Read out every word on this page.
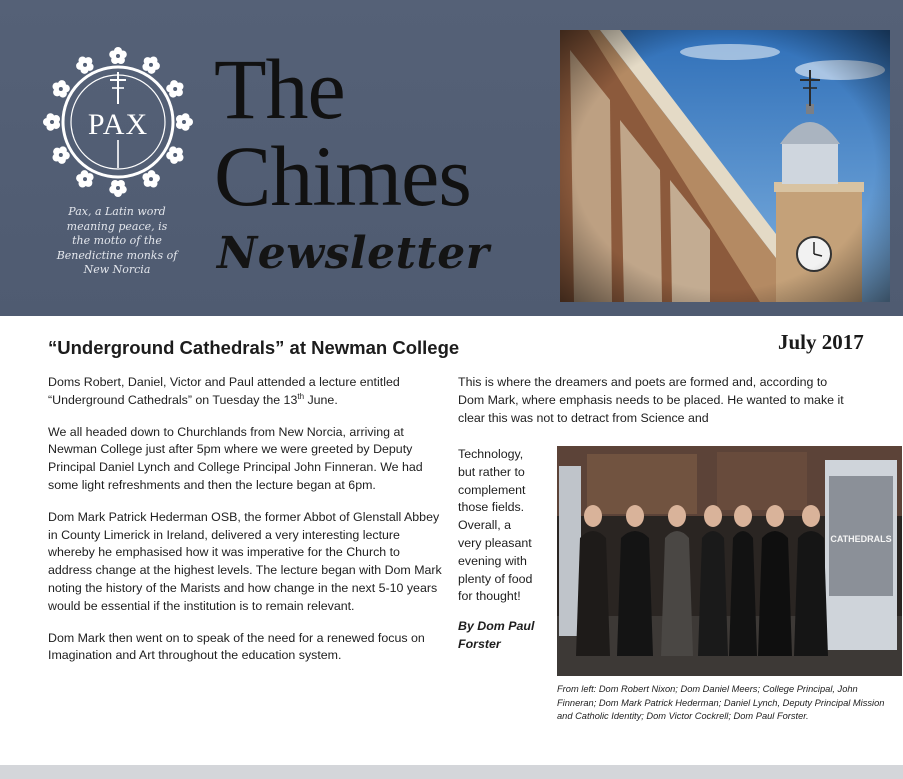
PAX
Pax, a Latin word
meaning peace, is
the motto of the
Benedictine monks of
New Norcia
The
Chimes
Newsletter
“Underground Cathedrals” at Newman College	July 2017

Doms Robert, Daniel, Victor and Paul attended a lecture entitled “Underground Cathedrals” on Tuesday the 13th June.

We all headed down to Churchlands from New Norcia, arriving at Newman College just after 5pm where we were greeted by Deputy Principal Daniel Lynch and College Principal John Finneran. We had some light refreshments and then the lecture began at 6pm.

Dom Mark Patrick Hederman OSB, the former Abbot of Glenstall Abbey in County Limerick in Ireland, delivered a very interesting lecture whereby he emphasised how it was imperative for the Church to address change at the highest levels. The lecture began with Dom Mark noting the history of the Marists and how change in the next 5-10 years would be essential if the institution is to remain relevant.

Dom Mark then went on to speak of the need for a renewed focus on Imagination and Art throughout the education system.

This is where the dreamers and poets are formed and, according to Dom Mark, where emphasis needs to be placed. He wanted to make it clear this was not to detract from Science and

Technology,
but rather to
complement
those fields.
Overall, a
very pleasant
evening with
plenty of food
for thought!
By Dom Paul
Forster
CATHEDRALS
From left: Dom Robert Nixon; Dom Daniel Meers; College Principal, John Finneran; Dom Mark Patrick Hederman; Daniel Lynch, Deputy Principal Mission and Catholic Identity; Dom Victor Cockrell; Dom Paul Forster.
